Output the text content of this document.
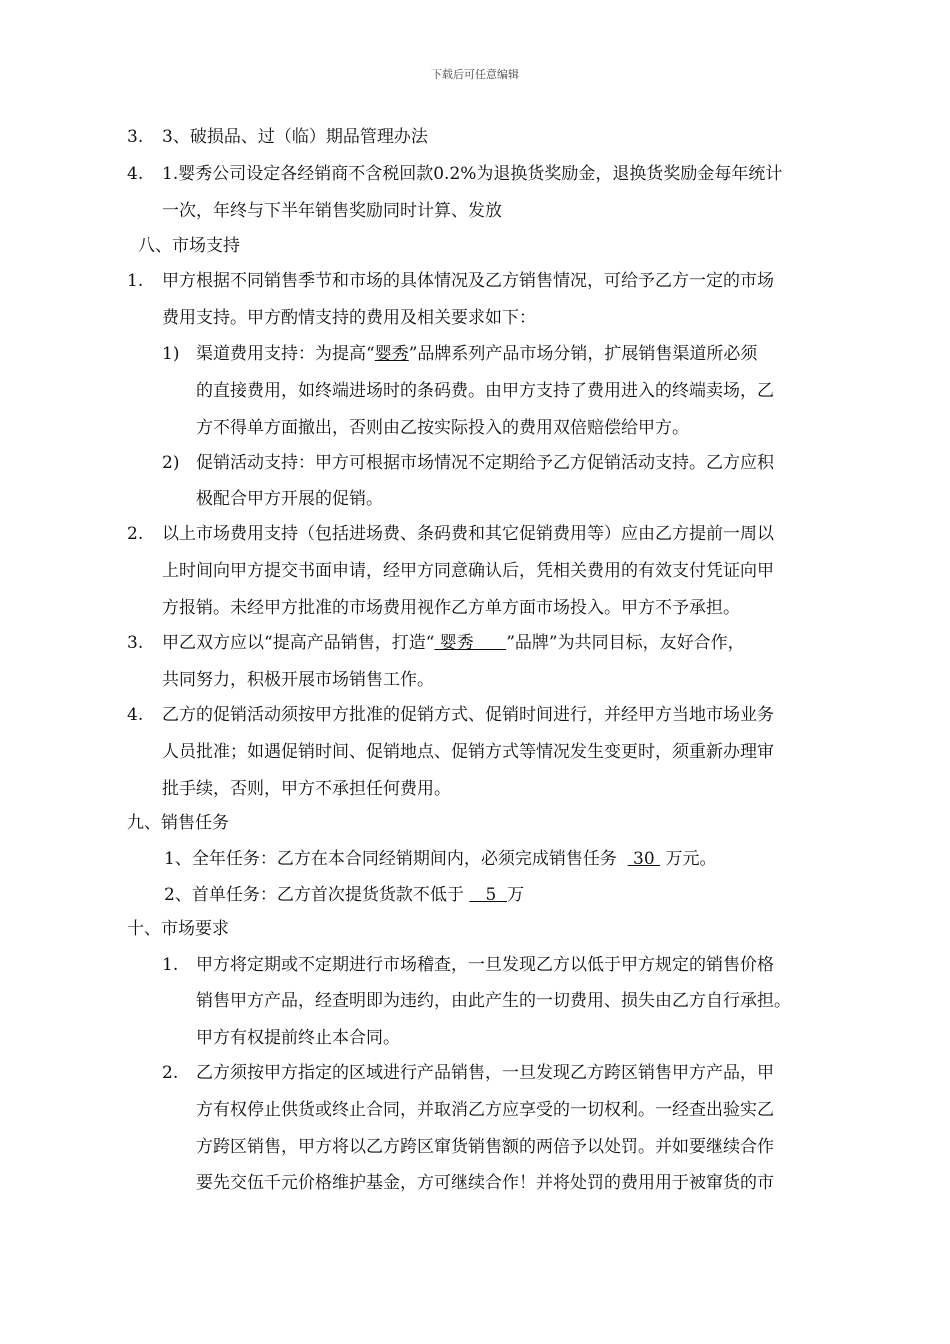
下载后可任意编辑
3. 3、破损品、过（临）期品管理办法
4. 1.婴秀公司设定各经销商不含税回款0.2%为退换货奖励金，退换货奖励金每年统计
一次，年终与下半年销售奖励同时计算、发放
八、市场支持
1. 甲方根据不同销售季节和市场的具体情况及乙方销售情况，可给予乙方一定的市场
费用支持。甲方酌情支持的费用及相关要求如下：
1) 渠道费用支持：为提高“婴秀”品牌系列产品市场分销，扩展销售渠道所必须
的直接费用，如终端进场时的条码费。由甲方支持了费用进入的终端卖场，乙
方不得单方面撤出，否则由乙按实际投入的费用双倍赔偿给甲方。
2) 促销活动支持：甲方可根据市场情况不定期给予乙方促销活动支持。乙方应积
极配合甲方开展的促销。
2. 以上市场费用支持（包括进场费、条码费和其它促销费用等）应由乙方提前一周以
上时间向甲方提交书面申请，经甲方同意确认后，凭相关费用的有效支付凭证向甲
方报销。未经甲方批准的市场费用视作乙方单方面市场投入。甲方不予承担。
3. 甲乙双方应以“提高产品销售，打造“ 婴秀      ”品牌”为共同目标，友好合作，
共同努力，积极开展市场销售工作。
4. 乙方的促销活动须按甲方批准的促销方式、促销时间进行，并经甲方当地市场业务
人员批准；如遇促销时间、促销地点、促销方式等情况发生变更时，须重新办理审
批手续，否则，甲方不承担任何费用。
九、销售任务
1、全年任务：乙方在本合同经销期间内，必须完成销售任务   30  万元。
2、首单任务：乙方首次提货货款不低于    5  万
十、市场要求
1. 甲方将定期或不定期进行市场稽查，一旦发现乙方以低于甲方规定的销售价格
销售甲方产品，经查明即为违约，由此产生的一切费用、损失由乙方自行承担。
甲方有权提前终止本合同。
2. 乙方须按甲方指定的区域进行产品销售，一旦发现乙方跨区销售甲方产品，甲
方有权停止供货或终止合同，并取消乙方应享受的一切权利。一经查出验实乙
方跨区销售，甲方将以乙方跨区窜货销售额的两倍予以处罚。并如要继续合作
要先交伍千元价格维护基金，方可继续合作！并将处罚的费用用于被窜货的市
